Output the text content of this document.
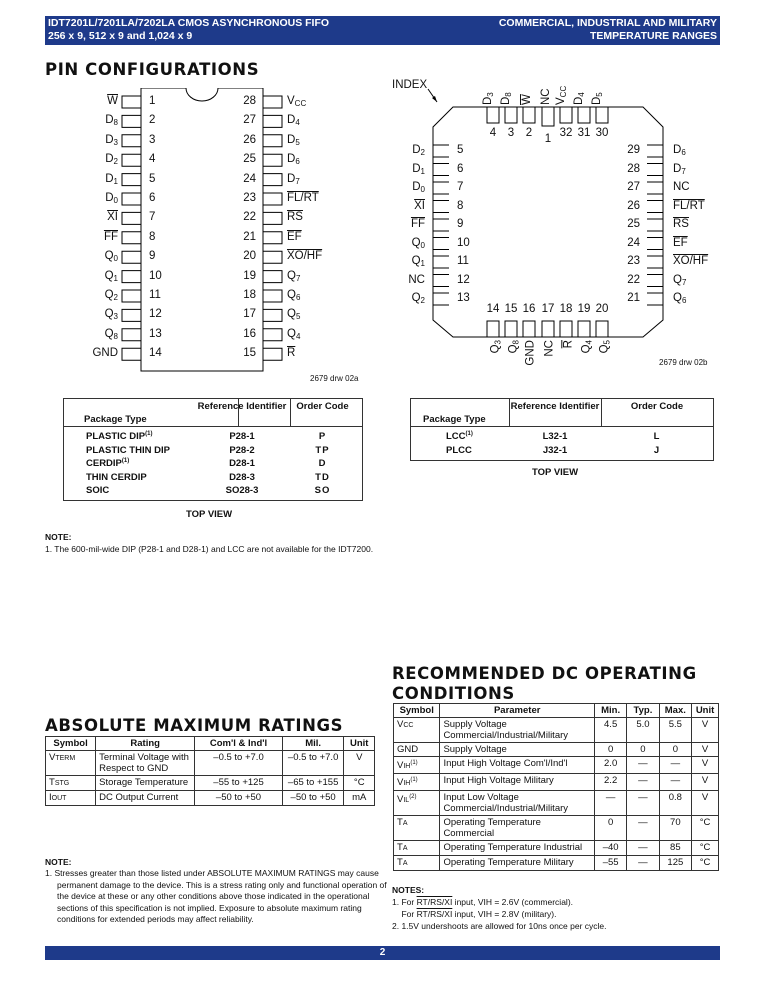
IDT7201L/7201LA/7202LA CMOS ASYNCHRONOUS FIFO
256 x 9, 512 x 9 and 1,024 x 9
COMMERCIAL, INDUSTRIAL AND MILITARY
TEMPERATURE RANGES
PIN CONFIGURATIONS
$\overline{W}$	1
$D_8$	2
$D_3$	3
$D_2$	4
$D_1$	5
$D_0$	6
$\overline{XI}$	7
$\overline{FF}$	8
$Q_0$	9
$Q_1$	10
$Q_2$	11
$Q_3$	12
$Q_8$	13
GND	14
28	$V_{CC}$
27	$D_4$
26	$D_5$
25	$D_6$
24	$D_7$
23	FL/RT
22	$\overline{RS}$
21	$\overline{EF}$
20	XO/HF
19	$Q_7$
18	$Q_6$
17	$Q_5$
16	$Q_4$
15	$\overline{R}$
2679 drw 02a
INDEX
$D_3$
4
$D_8$
3
$\overline{W}$
2
NC
1
$V_{CC}$
32
$D_4$
31
$D_5$
30
$D_2$	5
$D_1$	6
$D_0$	7
$\overline{XI}$	8
$\overline{FF}$	9
$Q_0$	10
$Q_1$	11
NC	12
$Q_2$	13
29	$D_6$
28	$D_7$
27	NC
26	FL/RT
25	$\overline{RS}$
24	$\overline{EF}$
23	XO/HF
22	$Q_7$
21	$Q_6$
14
$Q_3$
15
$Q_8$
16
GND
17
NC
18
$\overline{R}$
19
$Q_4$
20
$Q_5$
2679 drw 02b
Package Type
Reference Identifier	Order Code
PLASTIC DIP$^{(1)}$	P28-1	P
PLASTIC THIN DIP	P28-2	TP
CERDIP$^{(1)}$	D28-1	D
THIN CERDIP	D28-3	TD
SOIC	SO28-3	SO
TOP VIEW
Package Type
Reference Identifier	Order Code
LCC$^{(1)}$	L32-1	L
PLCC	J32-1	J
TOP VIEW
NOTE:
1. The 600-mil-wide DIP (P28-1 and D28-1) and LCC are not available for the IDT7200.
RECOMMENDED DC OPERATING
CONDITIONS
ABSOLUTE MAXIMUM RATINGS
Symbol	Rating	Com'l & Ind'l	Mil.	Unit
VTERM	Terminal Voltage with Respect to GND	–0.5 to +7.0	–0.5 to +7.0	V
TSTG	Storage Temperature	–55 to +125	–65 to +155	°C
IOUT	DC Output Current	–50 to +50	–50 to +50	mA
NOTE:
1. Stresses greater than those listed under ABSOLUTE MAXIMUM RATINGS may cause permanent damage to the device. This is a stress rating only and functional operation of the device at these or any other conditions above those indicated in the operational sections of this specification is not implied. Exposure to absolute maximum rating conditions for extended periods may affect reliability.
Symbol	Parameter	Min.	Typ.	Max.	Unit
VCC	Supply Voltage Commercial/Industrial/Military	4.5	5.0	5.5	V
GND	Supply Voltage	0	0	0	V
VIH$^{(1)}$	Input High Voltage Com'l/Ind'l	2.0	—	—	V
VIH$^{(1)}$	Input High Voltage Military	2.2	—	—	V
VIL$^{(2)}$	Input Low Voltage Commercial/Industrial/Military	—	—	0.8	V
TA	Operating Temperature Commercial	0	—	70	°C
TA	Operating Temperature Industrial	–40	—	85	°C
TA	Operating Temperature Military	–55	—	125	°C
NOTES:
1. For RT/RS/XI input, VIH = 2.6V (commercial).
For RT/RS/XI input, VIH = 2.8V (military).
2. 1.5V undershoots are allowed for 10ns once per cycle.
2
